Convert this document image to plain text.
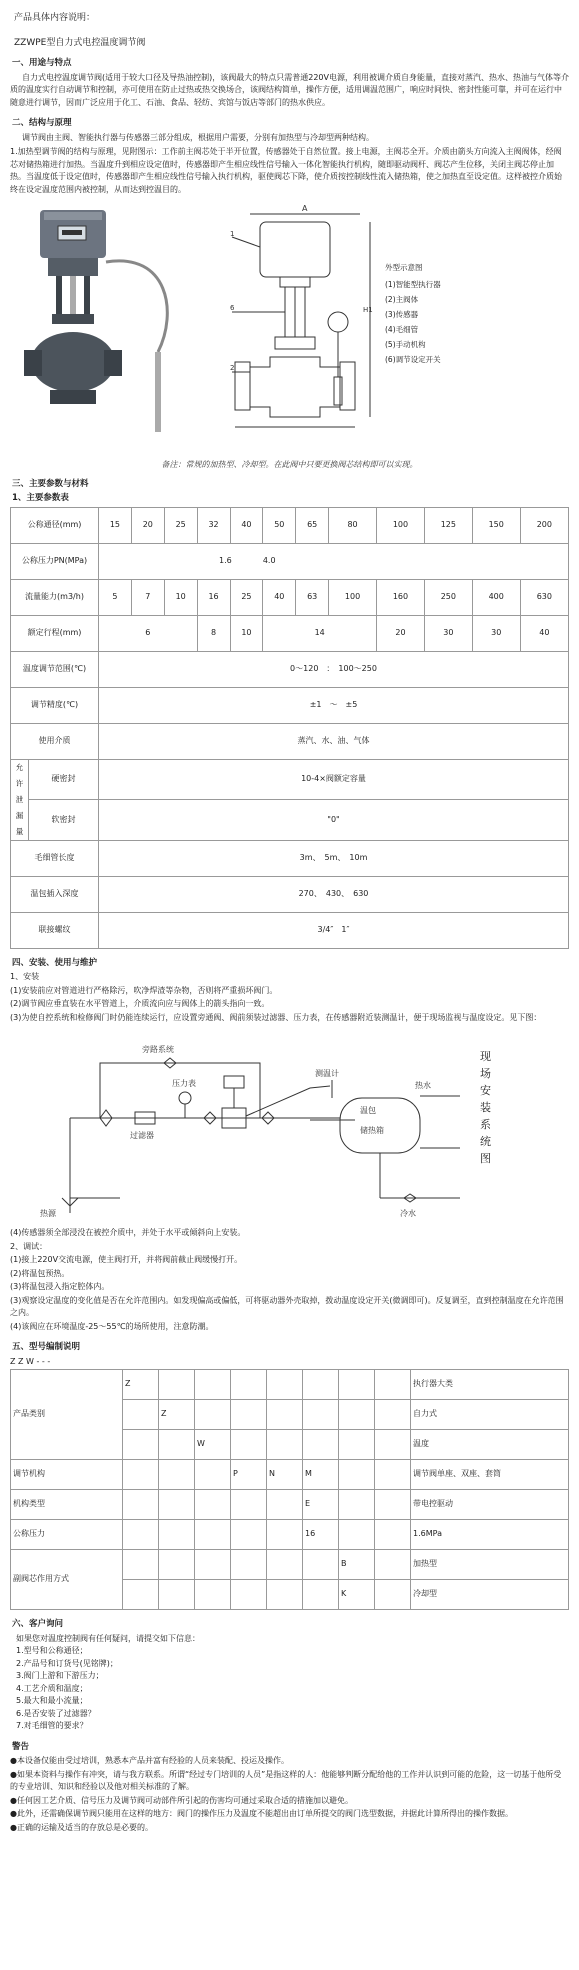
产品具体内容说明：

ZZWPE型自力式电控温度调节阀

一、用途与特点

自力式电控温度调节阀(适用于较大口径及导热油控制)，该阀最大的特点只需普通220V电源，利用被调介质自身能量，直接对蒸汽、热水、热油与气体等介质的温度实行自动调节和控制，亦可使用在防止过热或热交换场合，该阀结构简单，操作方便，适用调温范围广，响应时间快、密封性能可靠，并可在运行中随意进行调节，因而广泛应用于化工、石油、食品、轻纺、宾馆与饭店等部门的热水供应。

二、结构与原理

调节阀由主阀、智能执行器与传感器三部分组成，根据用户需要，分别有加热型与冷却型两种结构。

1.加热型调节阀的结构与原理，见附图示：工作前主阀芯处于半开位置，传感器处于自然位置。接上电源，主阀芯全开。介质由箭头方向流入主阀阀体，经阀芯对储热箱进行加热。当温度升到相应设定值时，传感器即产生相应线性信号输入一体化智能执行机构，随即驱动阀杆、阀芯产生位移，关闭主阀芯停止加热。当温度低于设定值时，传感器即产生相应线性信号输入执行机构，驱使阀芯下降，使介质按控制线性流入储热箱，使之加热直至设定值。这样被控介质始终在设定温度范围内被控制，从而达到控温目的。

A
H1
1
6
2

外型示意图

(1)智能型执行器

(2)主阀体

(3)传感器

(4)毛细管

(5)手动机构

(6)调节设定开关

备注：常规的加热型、冷却型。在此阀中只要更换阀芯结构即可以实现。

三、主要参数与材料

1、主要参数表

公称通径(mm)		15	20	25	32	40	50	65	80	100	125	150	200
公称压力PN(MPa)		1.6 4.0											
流量能力(m3/h)		5	7	10	16	25	40	63	100	160	250	400	630
额定行程(mm)		6			8	10	14			20	30	30	40
温度调节范围(℃)		0～120　：　100～250											
调节精度(℃)		±1　～　±5											
使用介质		蒸汽、水、油、气体											
允许泄漏量	硬密封	10-4×阀额定容量											
	软密封	"0"											
毛细管长度		3m、　5m、　10m											
温包插入深度		270、　430、　630											
联接螺纹		3/4″　1″											

四、安装、使用与维护

1、安装

(1)安装前应对管道进行严格除污，吹净焊渣等杂物，否则将严重损坏阀门。

(2)调节阀应垂直装在水平管道上，介质流向应与阀体上的箭头指向一致。

(3)为使自控系统和检修阀门时仍能连续运行，应设置旁通阀、阀前须装过滤器、压力表，在传感器附近装测温计，便于现场监视与温度设定。见下图：

旁路系统
压力表
测温计
热水
温包
储热箱
过滤器
热源	冷水
现场安装系统图

(4)传感器须全部浸没在被控介质中，并处于水平或倾斜向上安装。

2、调试：

(1)接上220V交流电源，使主阀打开，并将阀前截止阀缓慢打开。

(2)将温包预热。

(3)将温包浸入指定腔体内。

(3)观察设定温度的变化值是否在允许范围内。如发现偏高或偏低，可将驱动器外壳取掉，拨动温度设定开关(微调即可)。反复调至，直到控制温度在允许范围之内。

(4)该阀应在环境温度-25～55℃的场所使用，注意防潮。

五、型号编制说明

Z Z W - - -

产品类别	Z								执行器大类
		Z							自力式
			W						温度
调节机构				P	N	M			调节阀单座、双座、套筒
机构类型						E			带电控驱动
公称压力						16			1.6MPa
副阀芯作用方式							B		加热型
							K		冷却型

六、客户询问

如果您对温度控制阀有任何疑问，请提交如下信息：

1.型号和公称通径；

2.产品号和订货号(见铭牌)；

3.阀门上游和下游压力；

4.工艺介质和温度；

5.最大和最小流量；

6.是否安装了过滤器？

7.对毛细管的要求？

警告

●本设备仅能由受过培训，熟悉本产品并富有经验的人员来装配、投运及操作。

●如果本资料与操作有冲突，请与我方联系。所谓“经过专门培训的人员”是指这样的人：他能够判断分配给他的工作并认识到可能的危险，这一切基于他所受的专业培训、知识和经验以及他对相关标准的了解。

●任何因工艺介质、信号压力及调节阀可动部件所引起的伤害均可通过采取合适的措施加以避免。

●此外，还需确保调节阀只能用在这样的地方：阀门的操作压力及温度不能超出由订单所提交的阀门选型数据，并据此计算所得出的操作数据。

●正确的运输及适当的存放总是必要的。
